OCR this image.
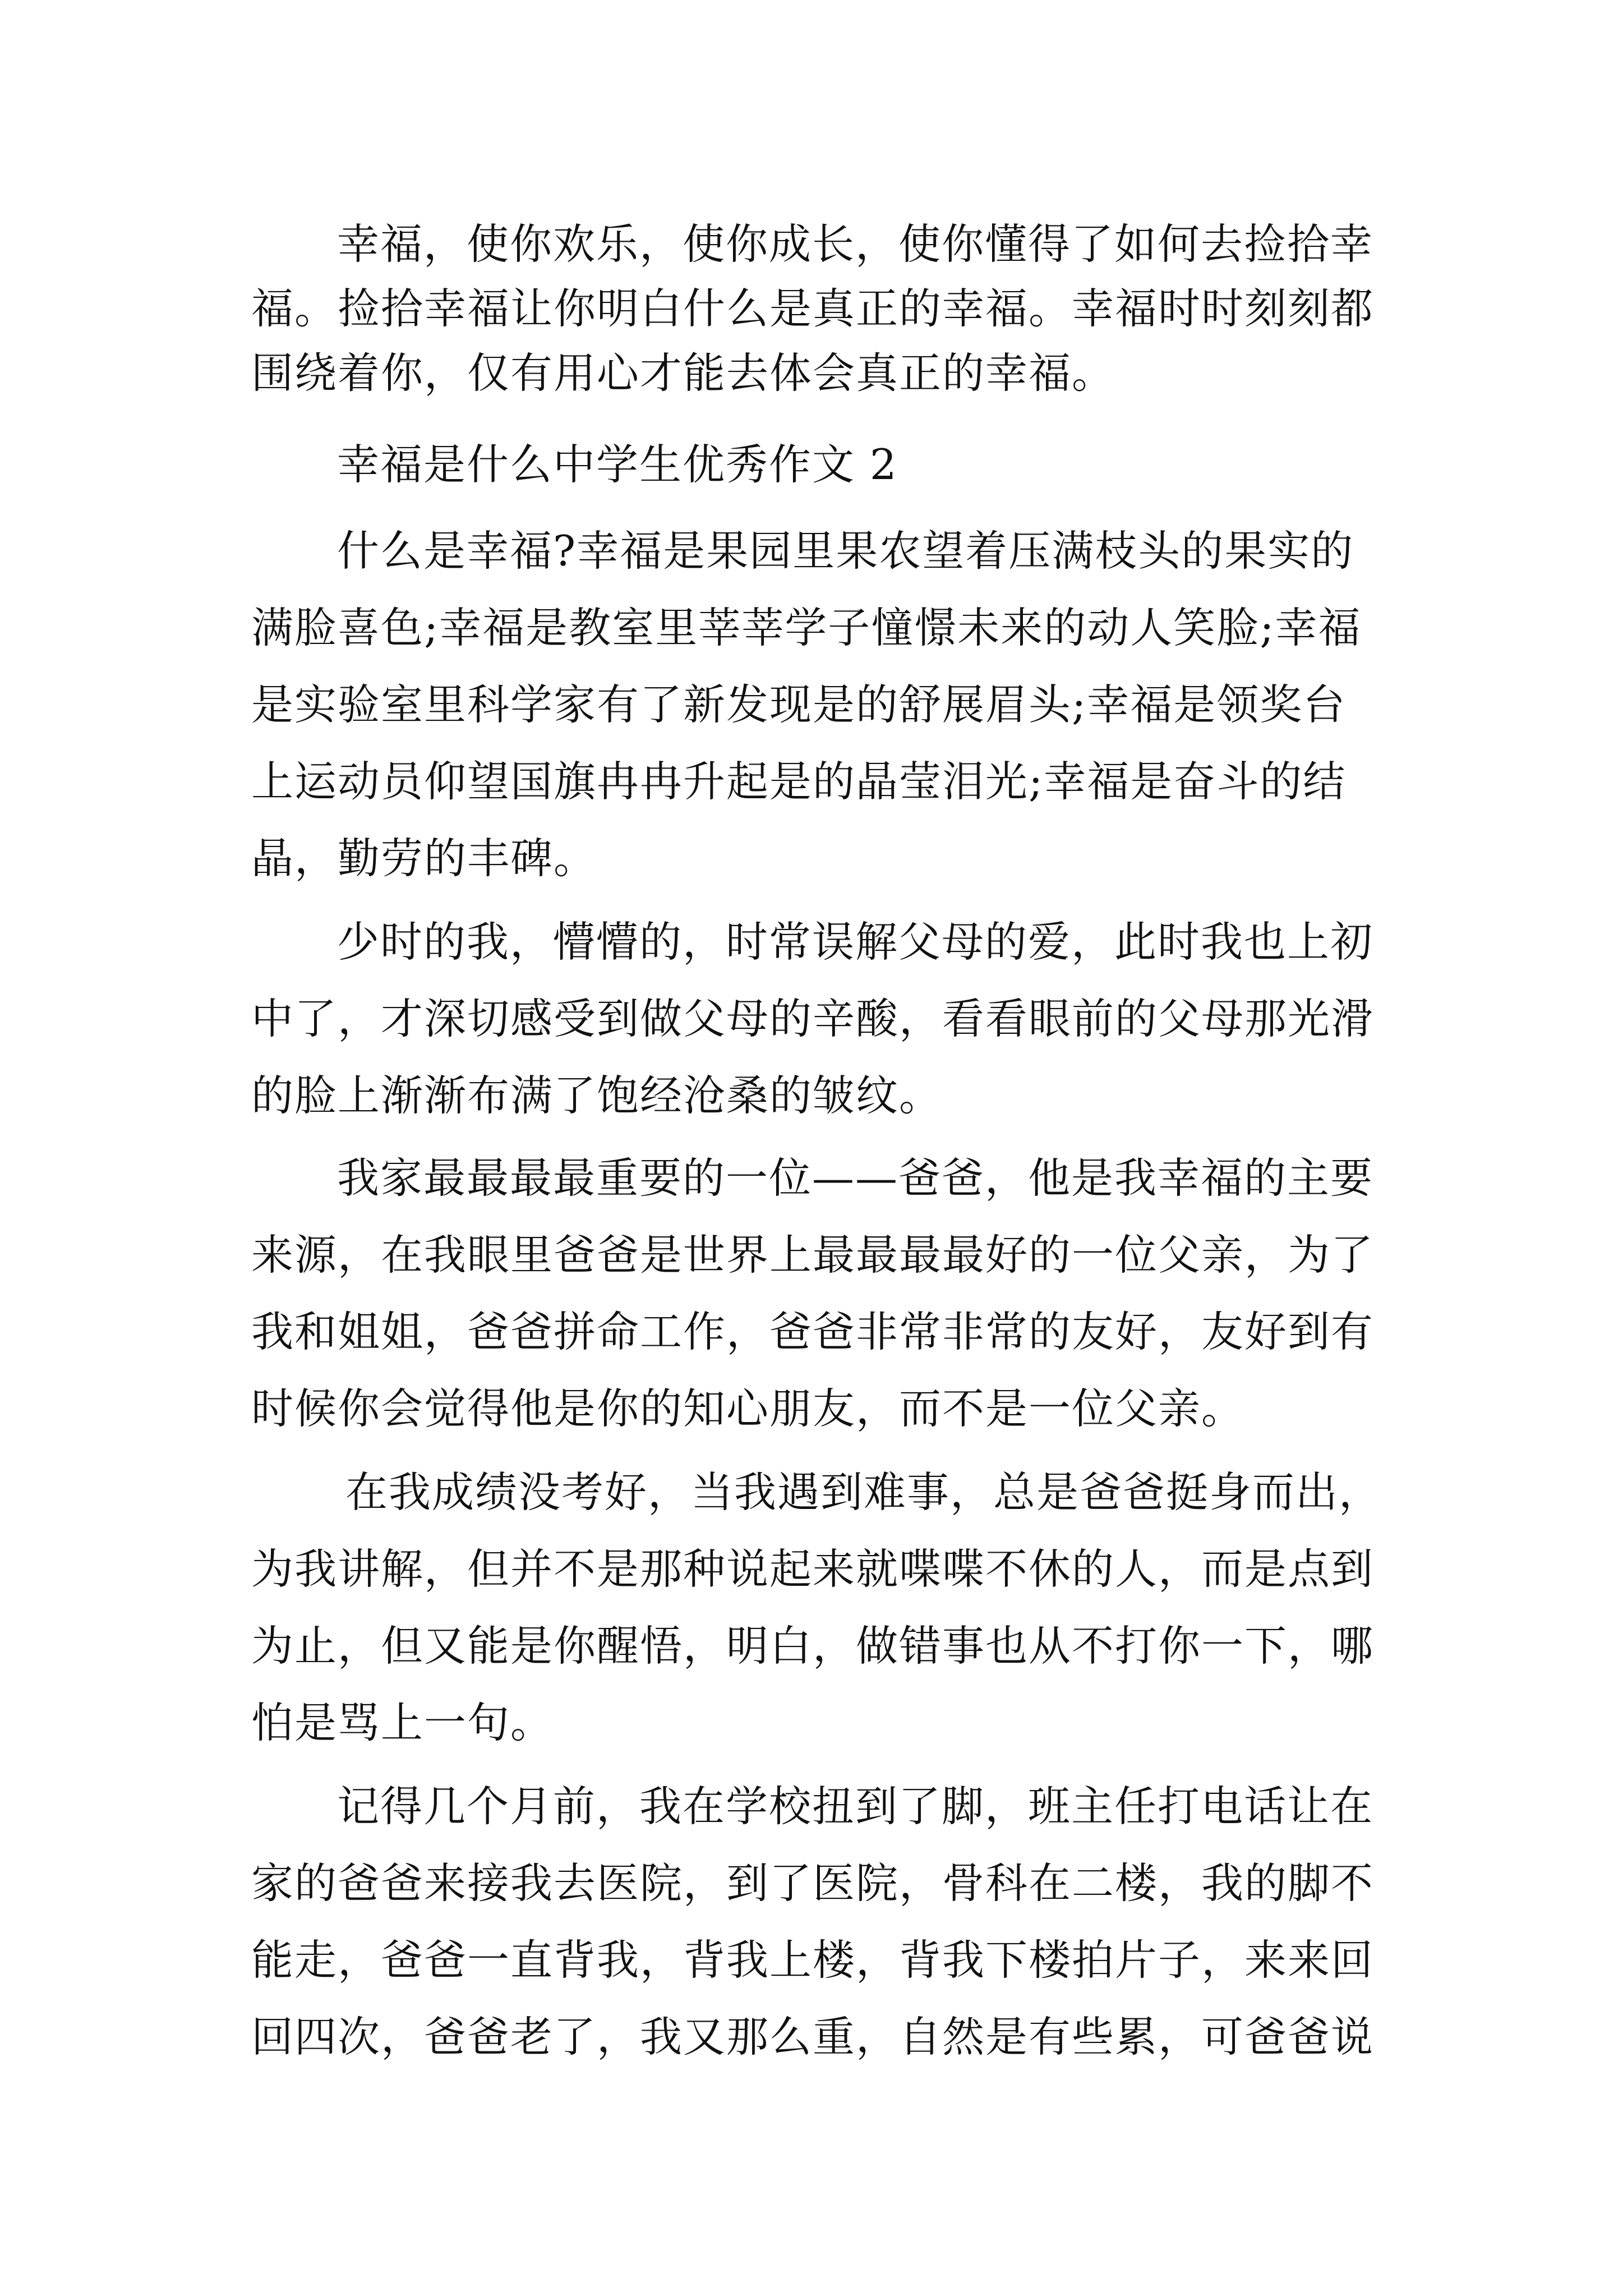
幸福，使你欢乐，使你成长，使你懂得了如何去捡拾幸
福。捡拾幸福让你明白什么是真正的幸福。幸福时时刻刻都
围绕着你，仅有用心才能去体会真正的幸福。
幸福是什么中学生优秀作文 2
什么是幸福?幸福是果园里果农望着压满枝头的果实的
满脸喜色;幸福是教室里莘莘学子憧憬未来的动人笑脸;幸福
是实验室里科学家有了新发现是的舒展眉头;幸福是领奖台
上运动员仰望国旗冉冉升起是的晶莹泪光;幸福是奋斗的结
晶，勤劳的丰碑。
少时的我，懵懵的，时常误解父母的爱，此时我也上初
中了，才深切感受到做父母的辛酸，看看眼前的父母那光滑
的脸上渐渐布满了饱经沧桑的皱纹。
我家最最最最重要的一位——爸爸，他是我幸福的主要
来源，在我眼里爸爸是世界上最最最最好的一位父亲，为了
我和姐姐，爸爸拼命工作，爸爸非常非常的友好，友好到有
时候你会觉得他是你的知心朋友，而不是一位父亲。
在我成绩没考好，当我遇到难事，总是爸爸挺身而出，
为我讲解，但并不是那种说起来就喋喋不休的人，而是点到
为止，但又能是你醒悟，明白，做错事也从不打你一下，哪
怕是骂上一句。
记得几个月前，我在学校扭到了脚，班主任打电话让在
家的爸爸来接我去医院，到了医院，骨科在二楼，我的脚不
能走，爸爸一直背我，背我上楼，背我下楼拍片子，来来回
回四次，爸爸老了，我又那么重，自然是有些累，可爸爸说
